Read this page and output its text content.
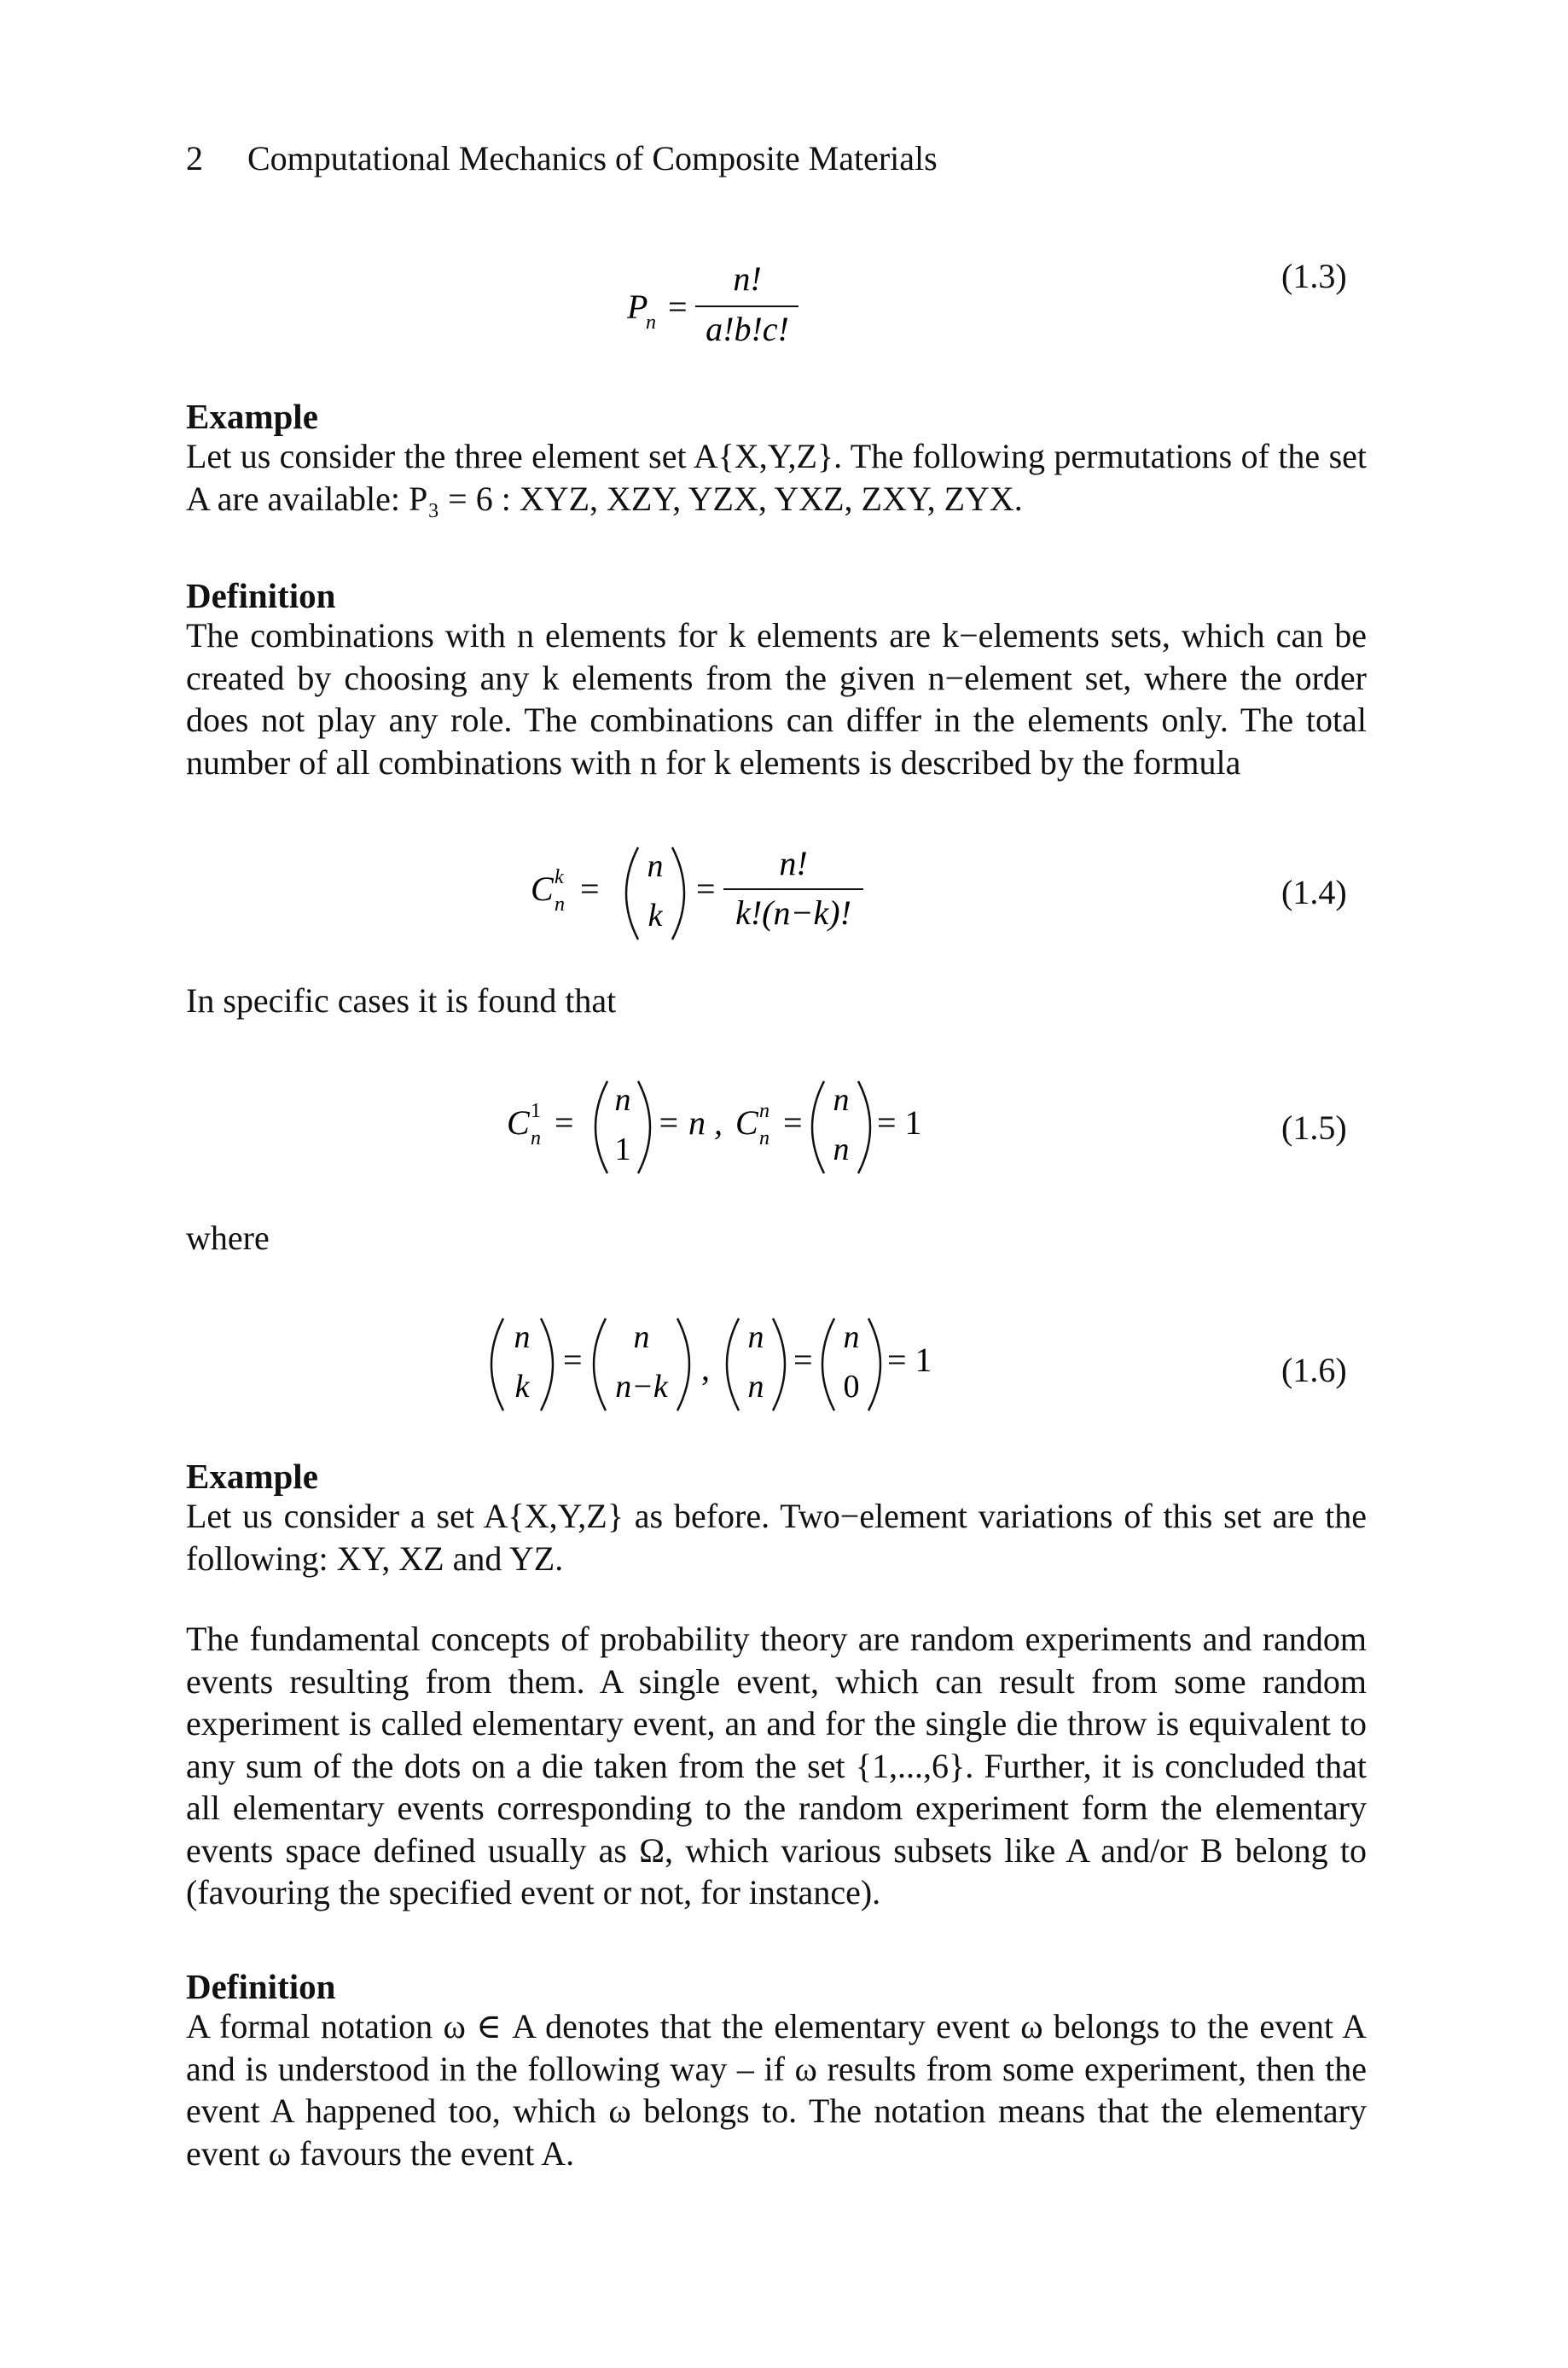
2 Computational Mechanics of Composite Materials
P
n =
n!
a!b!c!
(1.3)
Example

Let us consider the three element set A{X,Y,Z}. The following permutations of the set A are available: P₃ = 6 : XYZ, XZY, YZX, YXZ, ZXY, ZYX.

Definition

The combinations with n elements for k elements are k−elements sets, which can be created by choosing any k elements from the given n−element set, where the order does not play any role. The combinations can differ in the elements only. The total number of all combinations with n for k elements is described by the formula

C k
n =
n
k
=
n!
k!(n−k)!
(1.4)

In specific cases it is found that

C 1
n =
n
1
= n , C n
n =
n
n
= 1	(1.5)

where

n
k
=
n
n−k ,
n
n
=
n
0
= 1	(1.6)
Example

Let us consider a set A{X,Y,Z} as before. Two−element variations of this set are the following: XY, XZ and YZ.

The fundamental concepts of probability theory are random experiments and random events resulting from them. A single event, which can result from some random experiment is called elementary event, an and for the single die throw is equivalent to any sum of the dots on a die taken from the set {1,...,6}. Further, it is concluded that all elementary events corresponding to the random experiment form the elementary events space defined usually as Ω, which various subsets like A and/or B belong to (favouring the specified event or not, for instance).

Definition

A formal notation ω ∈ A denotes that the elementary event ω belongs to the event A and is understood in the following way – if ω results from some experiment, then the event A happened too, which ω belongs to. The notation means that the elementary event ω favours the event A.
